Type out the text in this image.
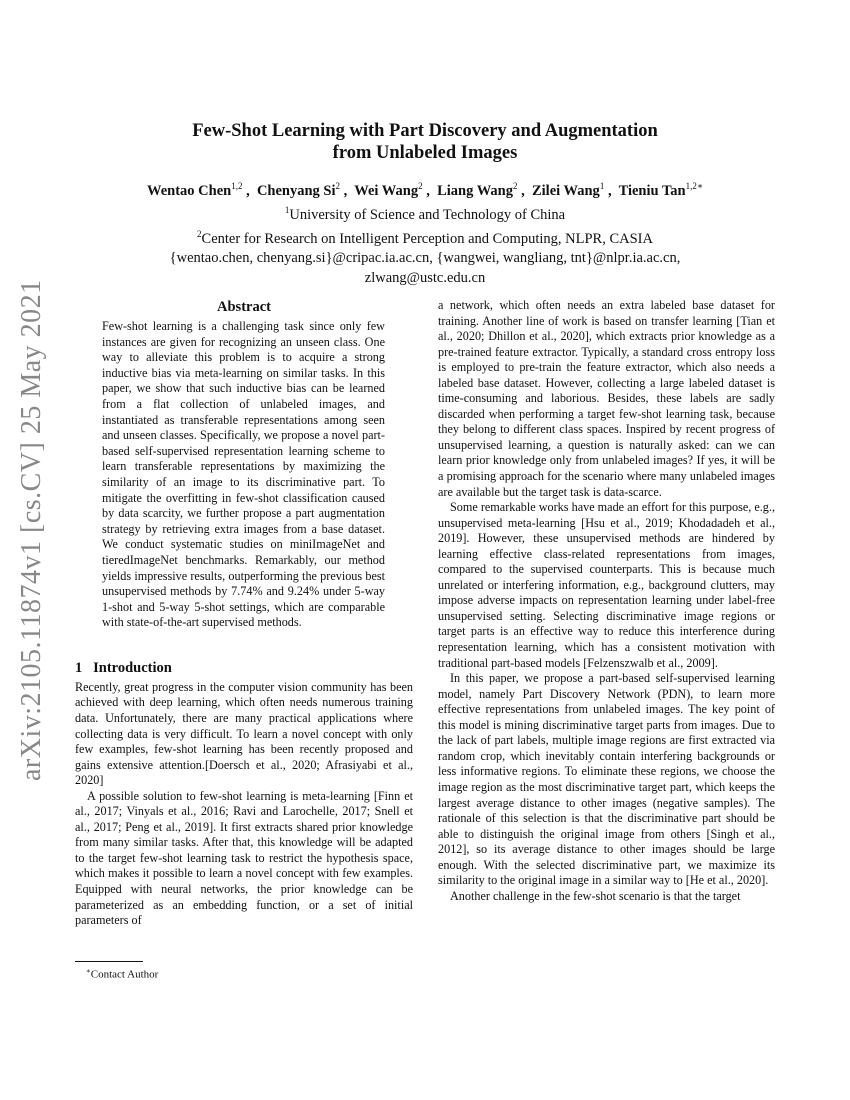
arXiv:2105.11874v1 [cs.CV] 25 May 2021
Few-Shot Learning with Part Discovery and Augmentation
from Unlabeled Images
Wentao Chen$^{1,2}$ ,  Chenyang Si$^2$ ,  Wei Wang$^2$ ,  Liang Wang$^2$ ,  Zilei Wang$^1$ ,  Tieniu Tan$^{1,2∗}$
$^1$University of Science and Technology of China
$^2$Center for Research on Intelligent Perception and Computing, NLPR, CASIA
{wentao.chen, chenyang.si}@cripac.ia.ac.cn, {wangwei, wangliang, tnt}@nlpr.ia.ac.cn,
zlwang@ustc.edu.cn
Abstract
Few-shot learning is a challenging task since only few instances are given for recognizing an unseen class. One way to alleviate this problem is to acquire a strong inductive bias via meta-learning on similar tasks. In this paper, we show that such inductive bias can be learned from a flat collection of unlabeled images, and instantiated as transferable representations among seen and unseen classes. Specifically, we propose a novel part-based self-supervised representation learning scheme to learn transferable representations by maximizing the similarity of an image to its discriminative part. To mitigate the overfitting in few-shot classification caused by data scarcity, we further propose a part augmentation strategy by retrieving extra images from a base dataset. We conduct systematic studies on miniImageNet and tieredImageNet benchmarks. Remarkably, our method yields impressive results, outperforming the previous best unsupervised methods by 7.74% and 9.24% under 5-way 1-shot and 5-way 5-shot settings, which are comparable with state-of-the-art supervised methods.
1 Introduction
Recently, great progress in the computer vision community has been achieved with deep learning, which often needs numerous training data. Unfortunately, there are many practical applications where collecting data is very difficult. To learn a novel concept with only few examples, few-shot learning has been recently proposed and gains extensive attention.[Doersch et al., 2020; Afrasiyabi et al., 2020]
A possible solution to few-shot learning is meta-learning [Finn et al., 2017; Vinyals et al., 2016; Ravi and Larochelle, 2017; Snell et al., 2017; Peng et al., 2019]. It first extracts shared prior knowledge from many similar tasks. After that, this knowledge will be adapted to the target few-shot learning task to restrict the hypothesis space, which makes it possible to learn a novel concept with few examples. Equipped with neural networks, the prior knowledge can be parameterized as an embedding function, or a set of initial parameters of
a network, which often needs an extra labeled base dataset for training. Another line of work is based on transfer learning [Tian et al., 2020; Dhillon et al., 2020], which extracts prior knowledge as a pre-trained feature extractor. Typically, a standard cross entropy loss is employed to pre-train the feature extractor, which also needs a labeled base dataset. However, collecting a large labeled dataset is time-consuming and laborious. Besides, these labels are sadly discarded when performing a target few-shot learning task, because they belong to different class spaces. Inspired by recent progress of unsupervised learning, a question is naturally asked: can we can learn prior knowledge only from unlabeled images? If yes, it will be a promising approach for the scenario where many unlabeled images are available but the target task is data-scarce.
Some remarkable works have made an effort for this purpose, e.g., unsupervised meta-learning [Hsu et al., 2019; Khodadadeh et al., 2019]. However, these unsupervised methods are hindered by learning effective class-related representations from images, compared to the supervised counterparts. This is because much unrelated or interfering information, e.g., background clutters, may impose adverse impacts on representation learning under label-free unsupervised setting. Selecting discriminative image regions or target parts is an effective way to reduce this interference during representation learning, which has a consistent motivation with traditional part-based models [Felzenszwalb et al., 2009].
In this paper, we propose a part-based self-supervised learning model, namely Part Discovery Network (PDN), to learn more effective representations from unlabeled images. The key point of this model is mining discriminative target parts from images. Due to the lack of part labels, multiple image regions are first extracted via random crop, which inevitably contain interfering backgrounds or less informative regions. To eliminate these regions, we choose the image region as the most discriminative target part, which keeps the largest average distance to other images (negative samples). The rationale of this selection is that the discriminative part should be able to distinguish the original image from others [Singh et al., 2012], so its average distance to other images should be large enough. With the selected discriminative part, we maximize its similarity to the original image in a similar way to [He et al., 2020].
Another challenge in the few-shot scenario is that the target
∗Contact Author
